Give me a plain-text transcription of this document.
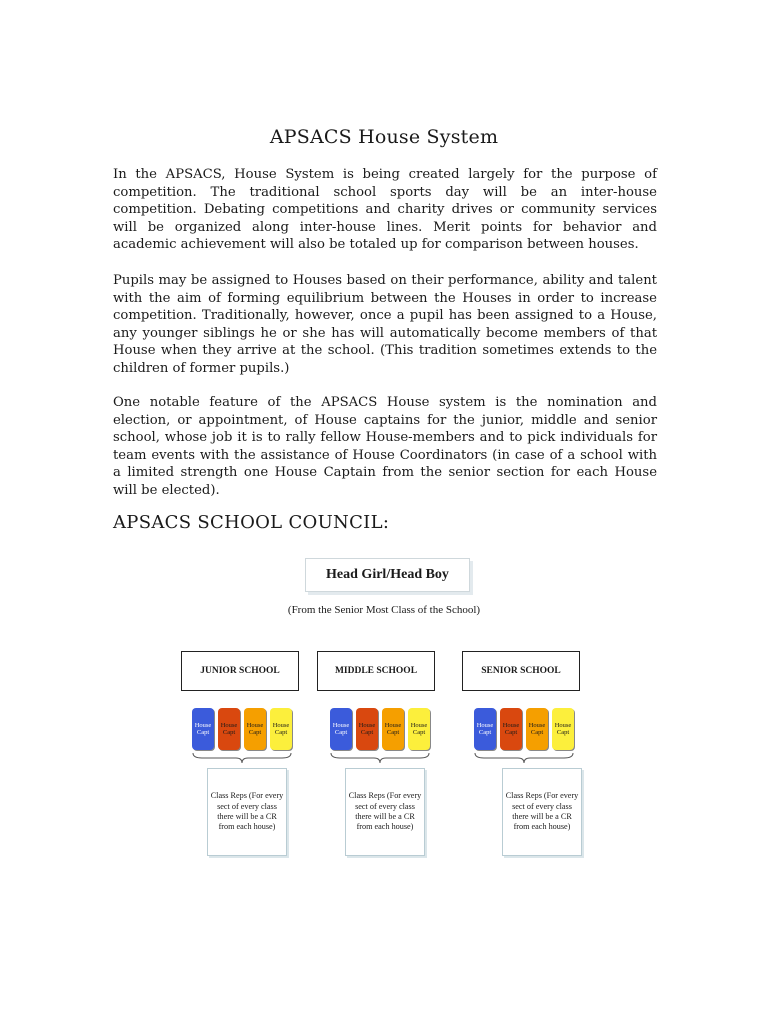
APSACS House System

In the APSACS, House System is being created largely for the purpose of competition. The traditional school sports day will be an inter-house competition. Debating competitions and charity drives or community services will be organized along inter-house lines. Merit points for behavior and academic achievement will also be totaled up for comparison between houses.

Pupils may be assigned to Houses based on their performance, ability and talent with the aim of forming equilibrium between the Houses in order to increase competition. Traditionally, however, once a pupil has been assigned to a House, any younger siblings he or she has will automatically become members of that House when they arrive at the school. (This tradition sometimes extends to the children of former pupils.)

One notable feature of the APSACS House system is the nomination and election, or appointment, of House captains for the junior, middle and senior school, whose job it is to rally fellow House-members and to pick individuals for team events with the assistance of House Coordinators (in case of a school with a limited strength one House Captain from the senior section for each House will be elected).

APSACS SCHOOL COUNCIL:
Head Girl/Head Boy
(From the Senior Most Class of the School)
JUNIOR SCHOOL
House Capt
House Capt
House Capt
House Capt
Class Reps (For every sect of every class there will be a CR from each house)
MIDDLE SCHOOL
House Capt
House Capt
House Capt
House Capt
Class Reps (For every sect of every class there will be a CR from each house)
SENIOR SCHOOL
House Capt
House Capt
House Capt
House Capt
Class Reps (For every sect of every class there will be a CR from each house)
